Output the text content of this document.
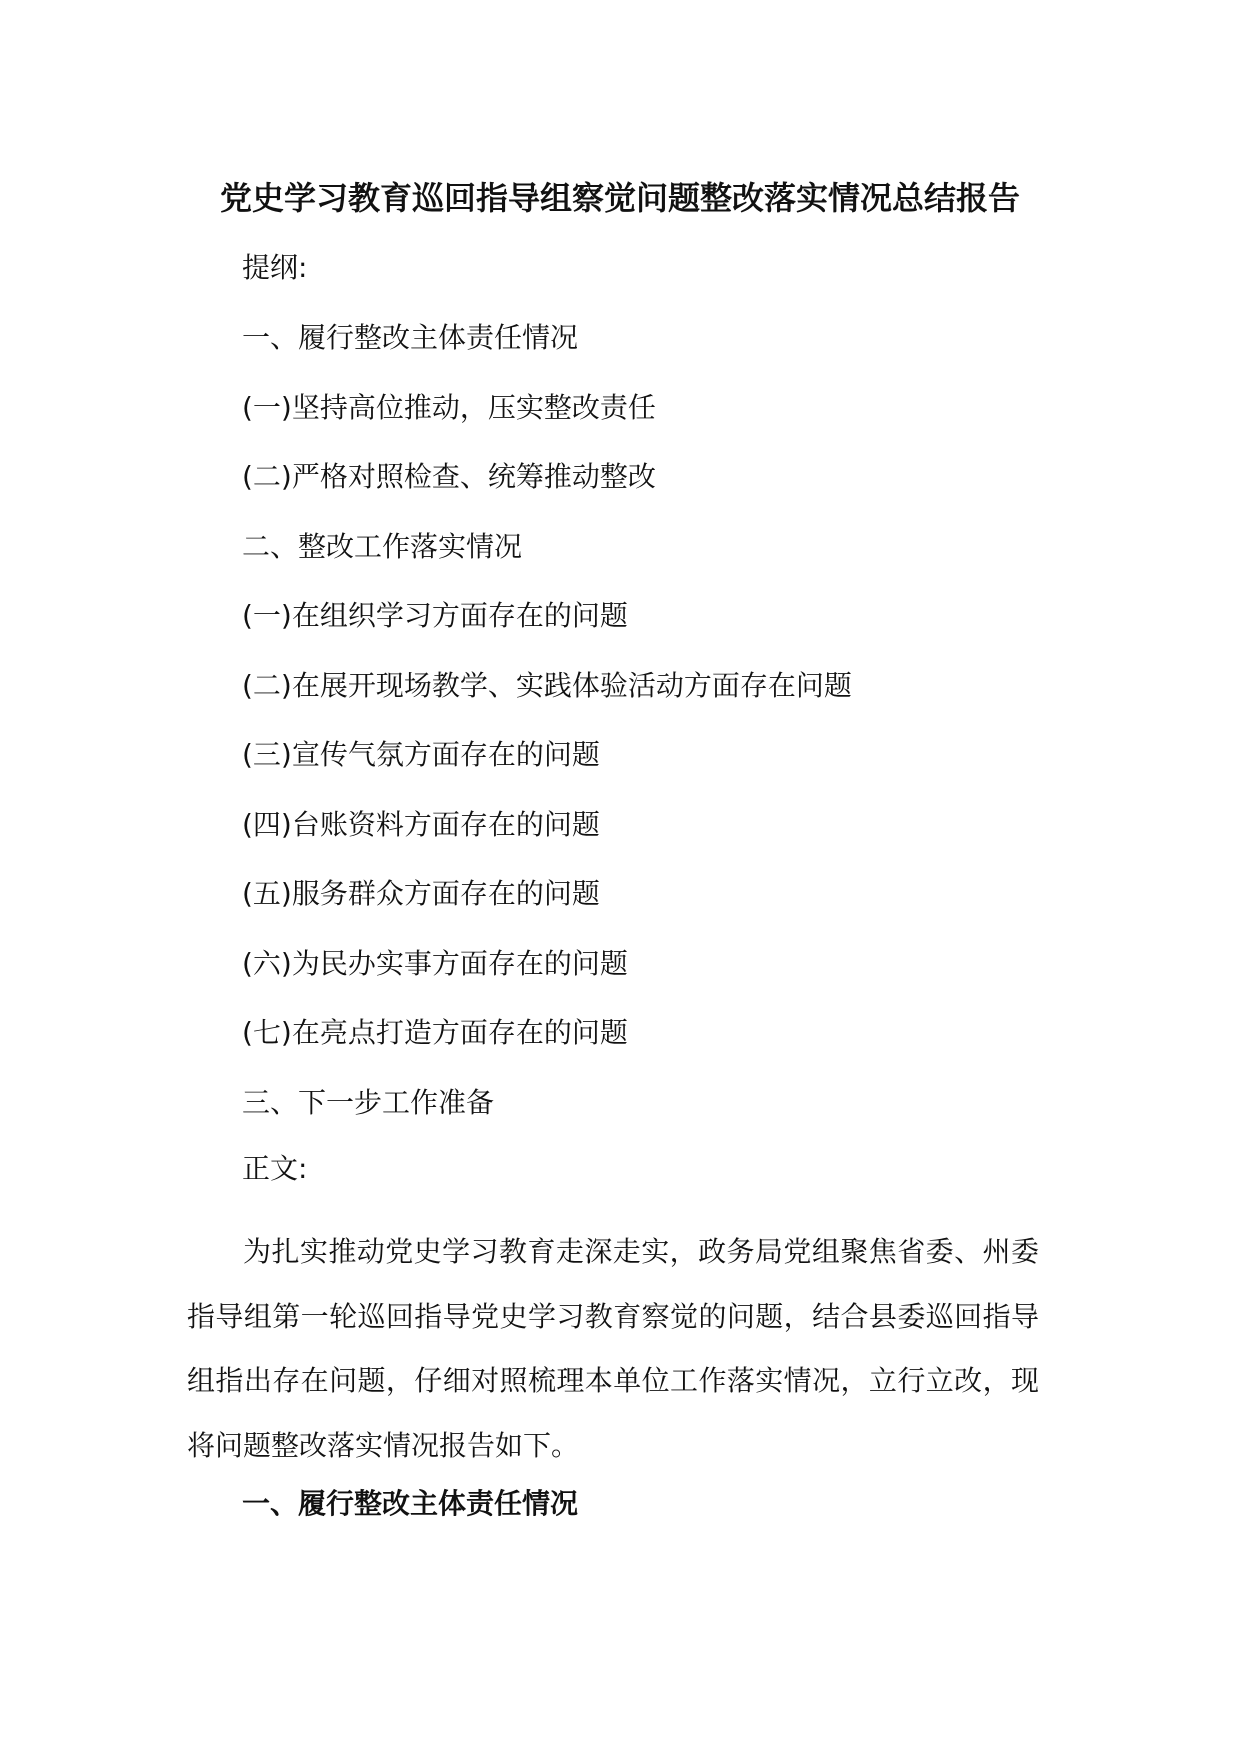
党史学习教育巡回指导组察觉问题整改落实情况总结报告
提纲:
一、履行整改主体责任情况
(一)坚持高位推动，压实整改责任
(二)严格对照检查、统筹推动整改
二、整改工作落实情况
(一)在组织学习方面存在的问题
(二)在展开现场教学、实践体验活动方面存在问题
(三)宣传气氛方面存在的问题
(四)台账资料方面存在的问题
(五)服务群众方面存在的问题
(六)为民办实事方面存在的问题
(七)在亮点打造方面存在的问题
三、下一步工作准备
正文:

为扎实推动党史学习教育走深走实，政务局党组聚焦省委、州委指导组第一轮巡回指导党史学习教育察觉的问题，结合县委巡回指导组指出存在问题，仔细对照梳理本单位工作落实情况，立行立改，现将问题整改落实情况报告如下。

一、履行整改主体责任情况
